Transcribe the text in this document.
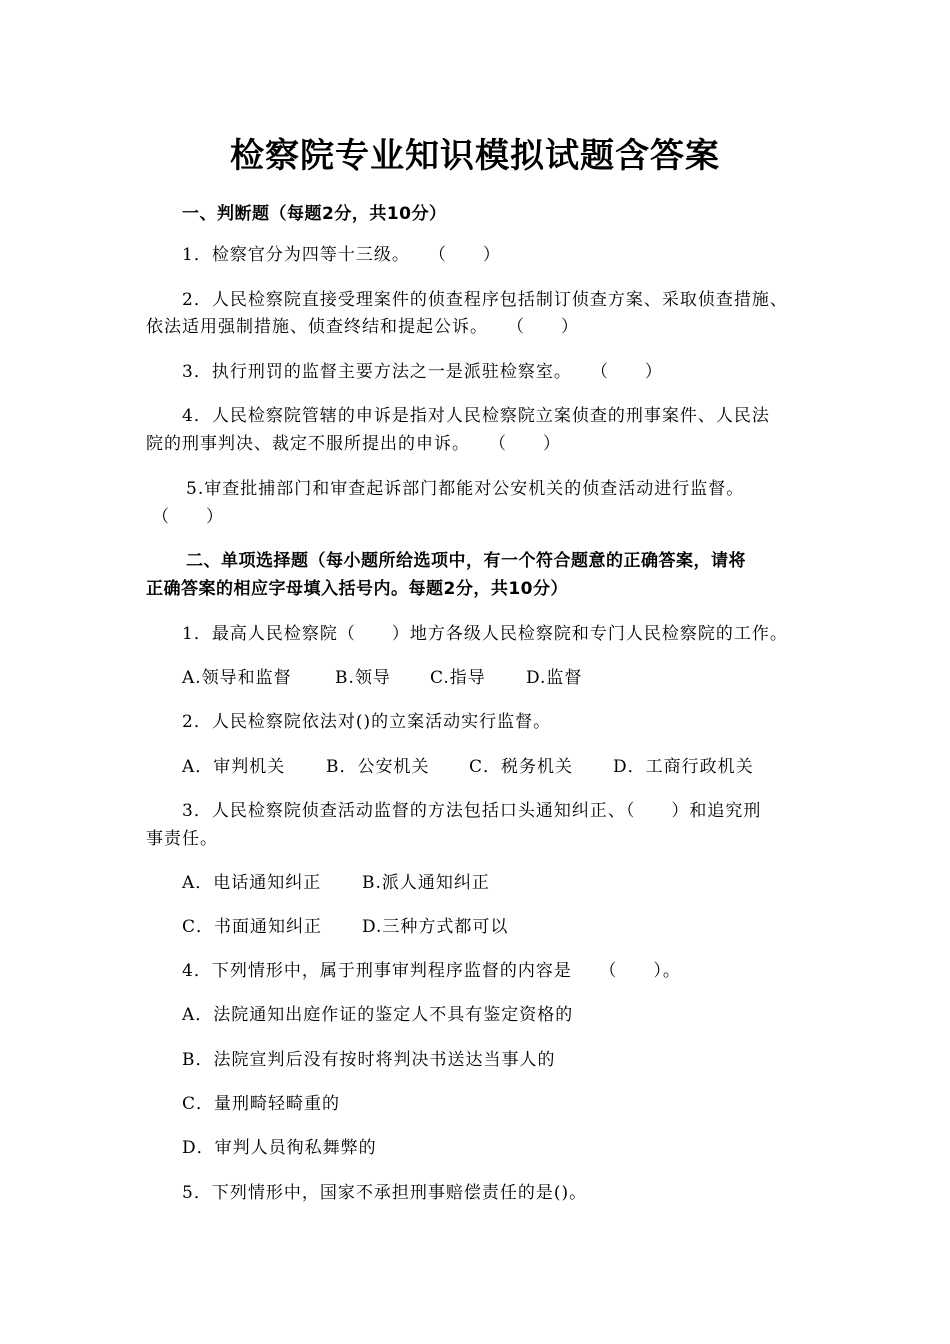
检察院专业知识模拟试题含答案
一、判断题（每题2分，共10分）
1．检察官分为四等十三级。　　（　　）
2．人民检察院直接受理案件的侦查程序包括制订侦查方案、采取侦查措施、
依法适用强制措施、侦查终结和提起公诉。　　（　　）
3．执行刑罚的监督主要方法之一是派驻检察室。　　（　　）
4．人民检察院管辖的申诉是指对人民检察院立案侦查的刑事案件、人民法
院的刑事判决、裁定不服所提出的申诉。　　（　　）
5.审查批捕部门和审查起诉部门都能对公安机关的侦查活动进行监督。
（　　）
二、单项选择题（每小题所给选项中，有一个符合题意的正确答案，请将
正确答案的相应字母填入括号内。每题2分，共10分）
1．最高人民检察院（　　）地方各级人民检察院和专门人民检察院的工作。
A.领导和监督	B.领导 C.指导 D.监督
2．人民检察院依法对()的立案活动实行监督。
A．审判机关 B．公安机关 C．税务机关 D．工商行政机关
3．人民检察院侦查活动监督的方法包括口头通知纠正、（　　）和追究刑
事责任。
A．电话通知纠正 B.派人通知纠正
C．书面通知纠正 D.三种方式都可以
4．下列情形中，属于刑事审判程序监督的内容是　　（　　）。
A．法院通知出庭作证的鉴定人不具有鉴定资格的
B．法院宣判后没有按时将判决书送达当事人的
C．量刑畸轻畸重的
D．审判人员徇私舞弊的
5．下列情形中，国家不承担刑事赔偿责任的是()。
